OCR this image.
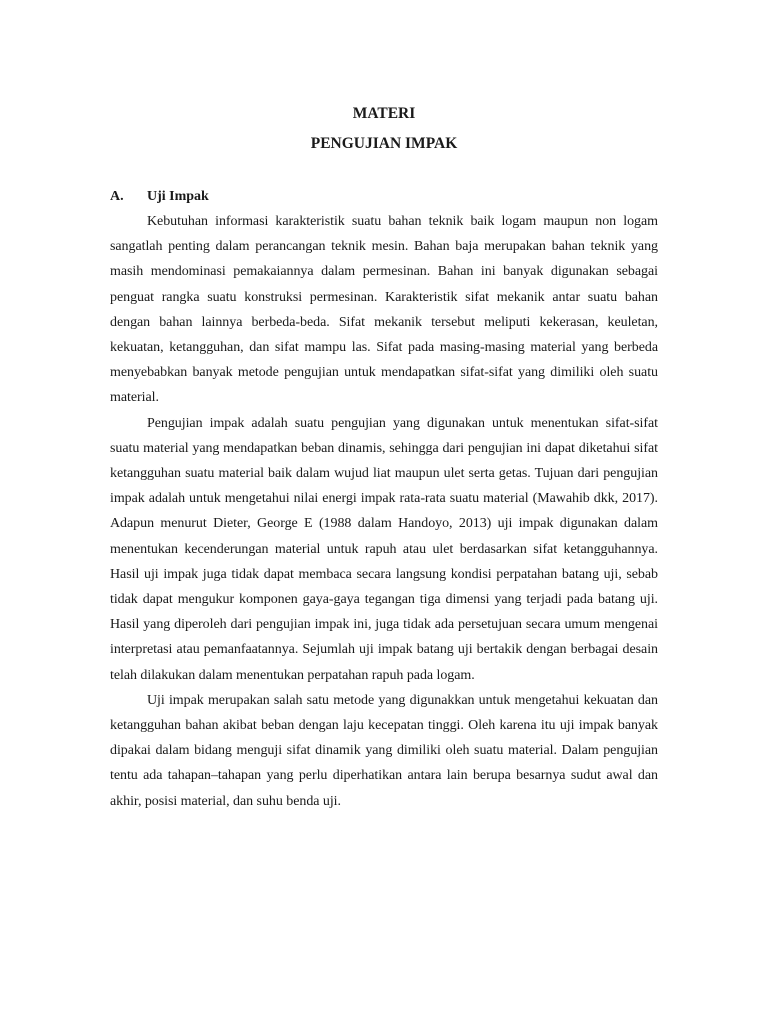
MATERI
PENGUJIAN IMPAK
A.	Uji Impak

Kebutuhan informasi karakteristik suatu bahan teknik baik logam maupun non logam sangatlah penting dalam perancangan teknik mesin. Bahan baja merupakan bahan teknik yang masih mendominasi pemakaiannya dalam permesinan. Bahan ini banyak digunakan sebagai penguat rangka suatu konstruksi permesinan. Karakteristik sifat mekanik antar suatu bahan dengan bahan lainnya berbeda-beda. Sifat mekanik tersebut meliputi kekerasan, keuletan, kekuatan, ketangguhan, dan sifat mampu las. Sifat pada masing-masing material yang berbeda menyebabkan banyak metode pengujian untuk mendapatkan sifat-sifat yang dimiliki oleh suatu material.

Pengujian impak adalah suatu pengujian yang digunakan untuk menentukan sifat-sifat suatu material yang mendapatkan beban dinamis, sehingga dari pengujian ini dapat diketahui sifat ketangguhan suatu material baik dalam wujud liat maupun ulet serta getas. Tujuan dari pengujian impak adalah untuk mengetahui nilai energi impak rata-rata suatu material (Mawahib dkk, 2017). Adapun menurut Dieter, George E (1988 dalam Handoyo, 2013) uji impak digunakan dalam menentukan kecenderungan material untuk rapuh atau ulet berdasarkan sifat ketangguhannya. Hasil uji impak juga tidak dapat membaca secara langsung kondisi perpatahan batang uji, sebab tidak dapat mengukur komponen gaya-gaya tegangan tiga dimensi yang terjadi pada batang uji. Hasil yang diperoleh dari pengujian impak ini, juga tidak ada persetujuan secara umum mengenai interpretasi atau pemanfaatannya. Sejumlah uji impak batang uji bertakik dengan berbagai desain telah dilakukan dalam menentukan perpatahan rapuh pada logam.

Uji impak merupakan salah satu metode yang digunakkan untuk mengetahui kekuatan dan ketangguhan bahan akibat beban dengan laju kecepatan tinggi. Oleh karena itu uji impak banyak dipakai dalam bidang menguji sifat dinamik yang dimiliki oleh suatu material. Dalam pengujian tentu ada tahapan–tahapan yang perlu diperhatikan antara lain berupa besarnya sudut awal dan akhir, posisi material, dan suhu benda uji.
